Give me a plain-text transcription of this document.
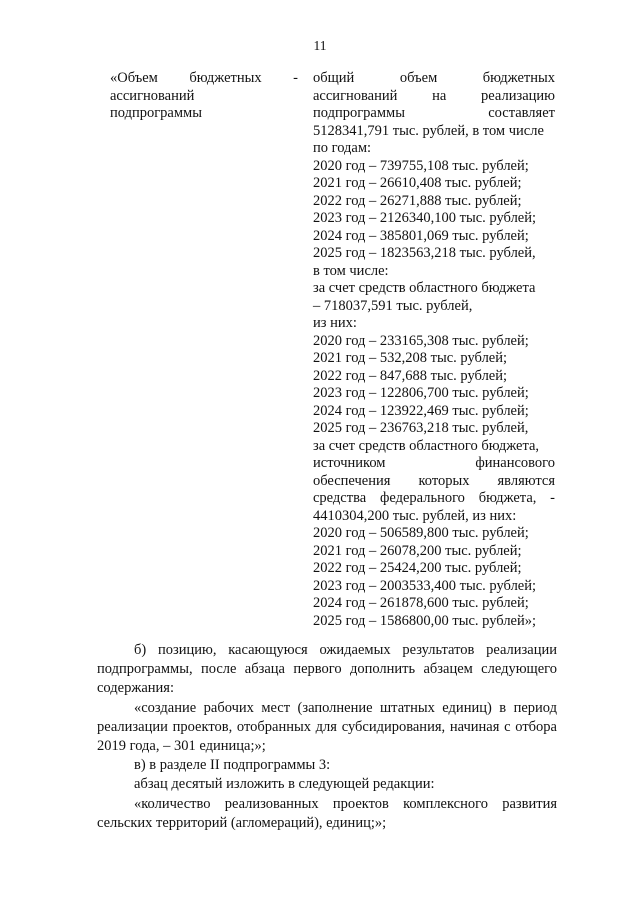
11
«Объем бюджетных -
ассигнований
подпрограммы
общий объем бюджетных
ассигнований на реализацию
подпрограммы составляет
5128341,791 тыс. рублей, в том числе
по годам:
2020 год – 739755,108 тыс. рублей;
2021 год – 26610,408 тыс. рублей;
2022 год – 26271,888 тыс. рублей;
2023 год – 2126340,100 тыс. рублей;
2024 год – 385801,069 тыс. рублей;
2025 год – 1823563,218 тыс. рублей,
в том числе:
за счет средств областного бюджета
– 718037,591 тыс. рублей,
из них:
2020 год – 233165,308 тыс. рублей;
2021 год – 532,208 тыс. рублей;
2022 год – 847,688 тыс. рублей;
2023 год – 122806,700 тыс. рублей;
2024 год – 123922,469 тыс. рублей;
2025 год – 236763,218 тыс. рублей,
за счет средств областного бюджета,
источником финансового
обеспечения которых являются
средства федерального бюджета, -
4410304,200 тыс. рублей, из них:
2020 год – 506589,800 тыс. рублей;
2021 год – 26078,200 тыс. рублей;
2022 год – 25424,200 тыс. рублей;
2023 год – 2003533,400 тыс. рублей;
2024 год – 261878,600 тыс. рублей;
2025 год – 1586800,00 тыс. рублей»;
б) позицию, касающуюся ожидаемых результатов реализации
подпрограммы, после абзаца первого дополнить абзацем следующего
содержания:
«создание рабочих мест (заполнение штатных единиц) в период
реализации проектов, отобранных для субсидирования, начиная с отбора
2019 года, – 301 единица;»;
в) в разделе II подпрограммы 3:
абзац десятый изложить в следующей редакции:
«количество реализованных проектов комплексного развития
сельских территорий (агломераций), единиц;»;
